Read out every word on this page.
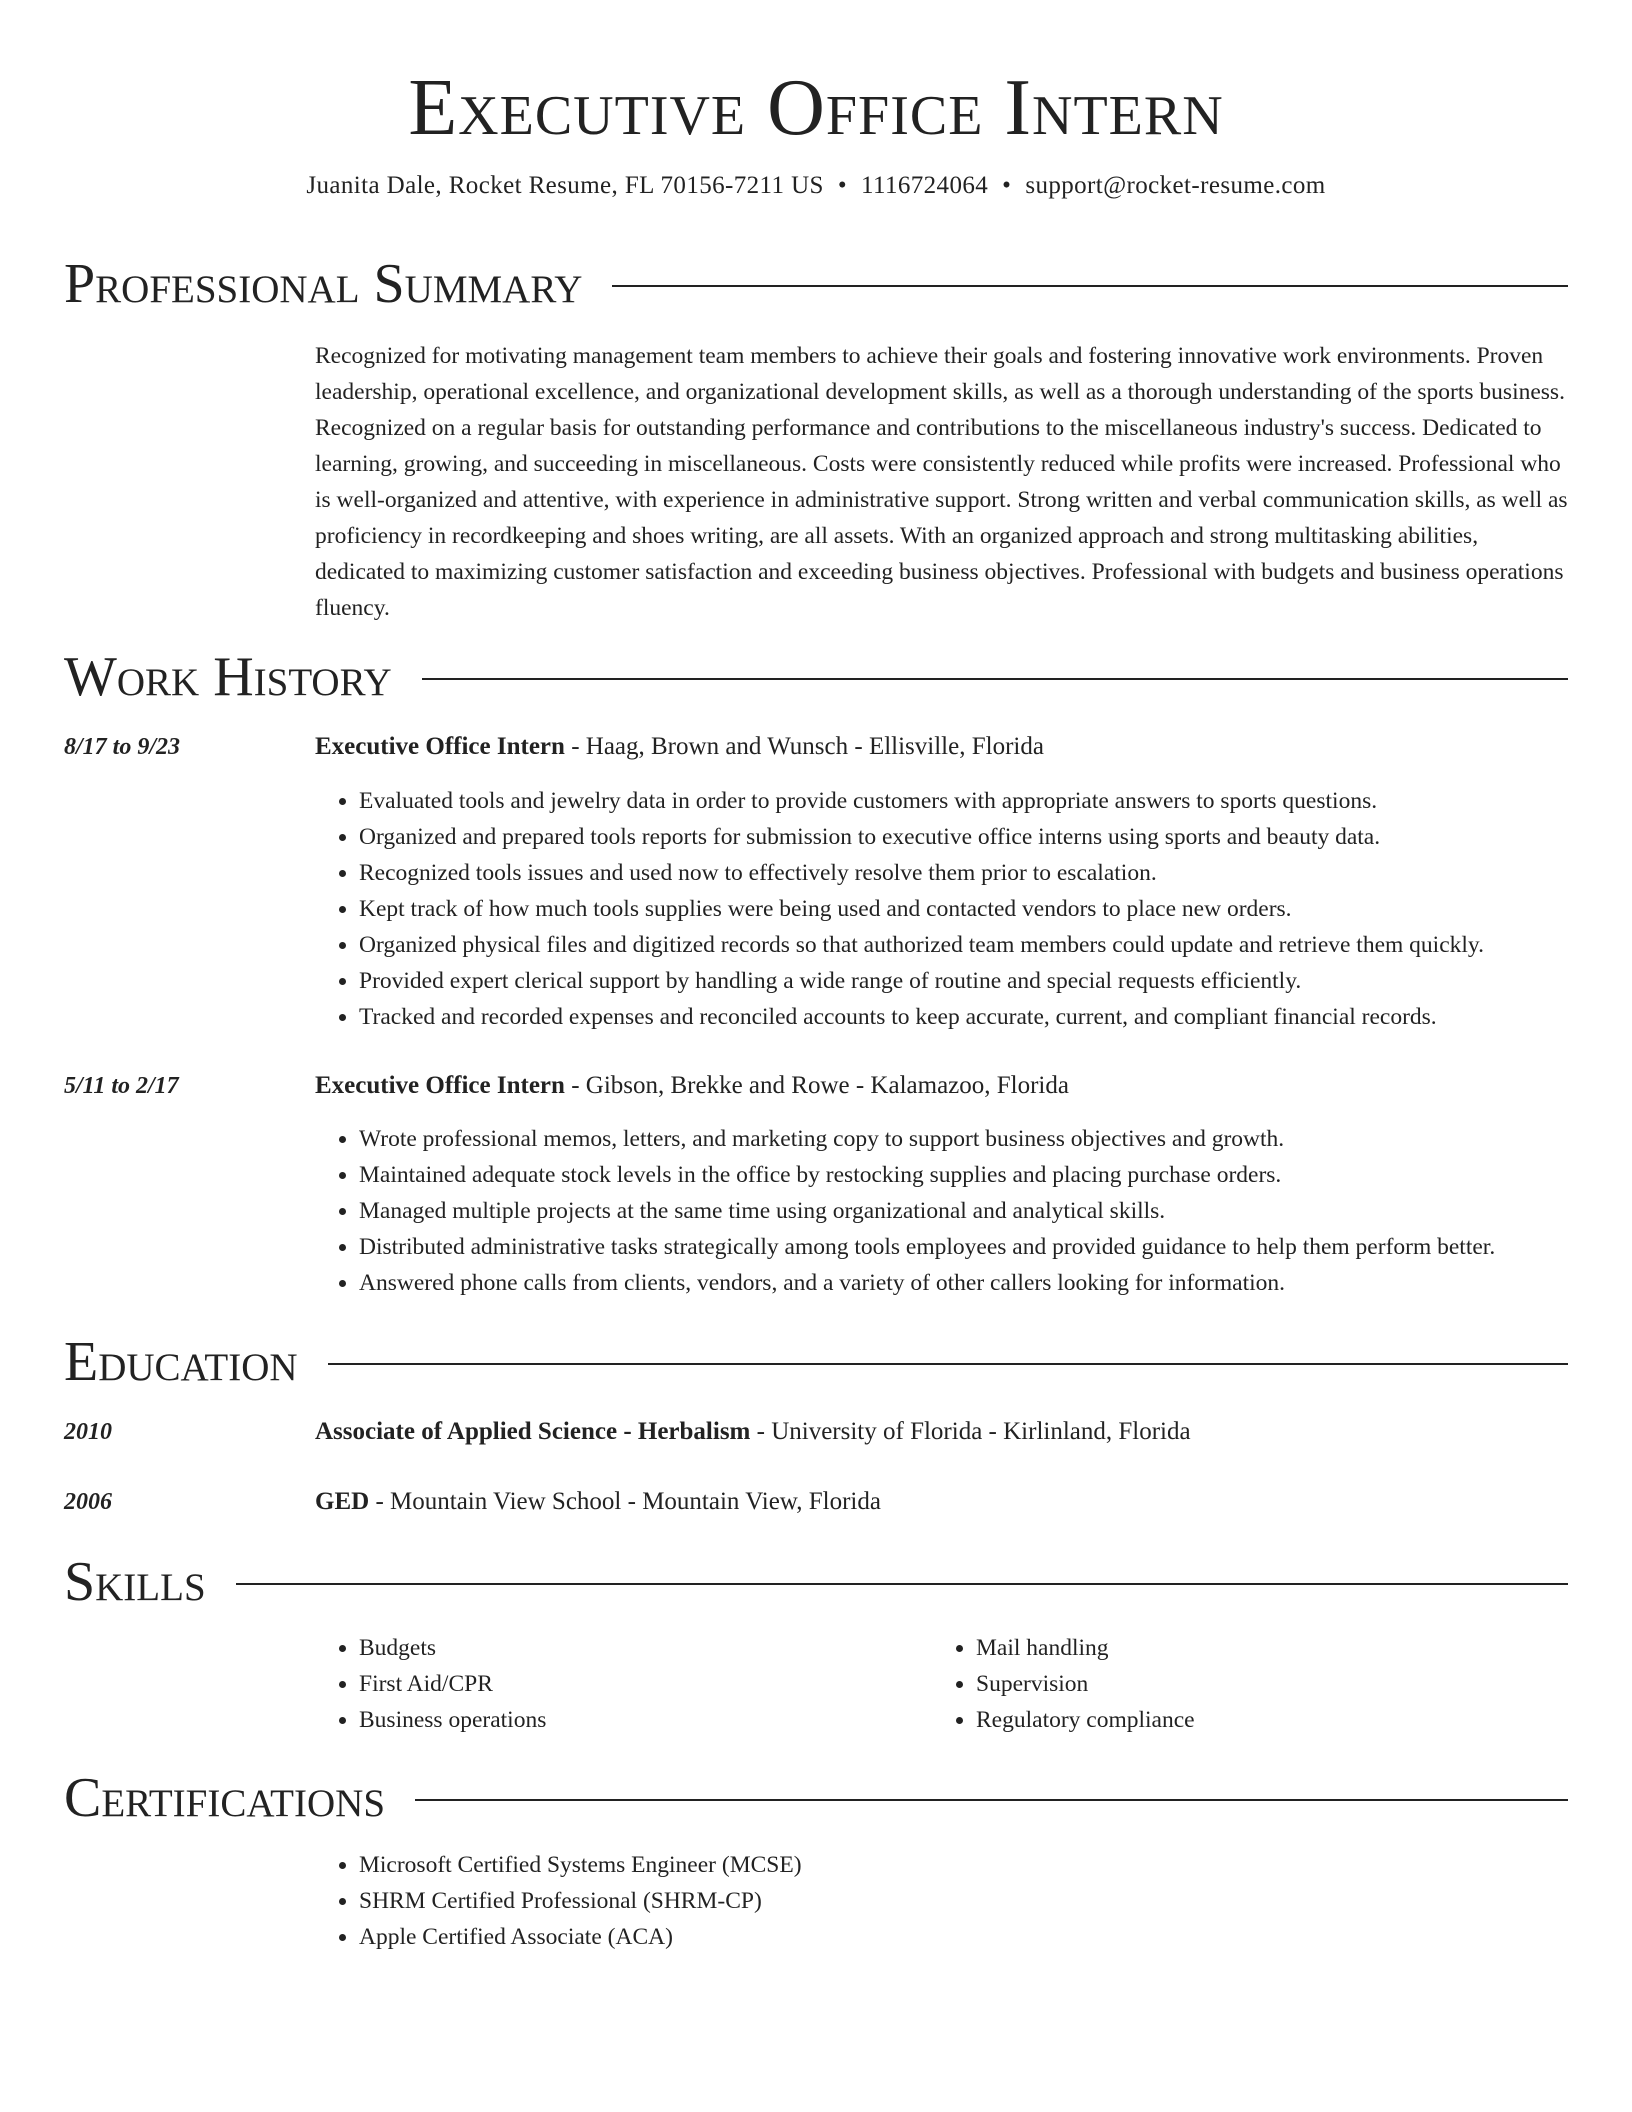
Executive Office Intern
Juanita Dale, Rocket Resume, FL 70156-7211 US • 1116724064 • support@rocket-resume.com
Professional Summary
Recognized for motivating management team members to achieve their goals and fostering innovative work environments. Proven leadership, operational excellence, and organizational development skills, as well as a thorough understanding of the sports business. Recognized on a regular basis for outstanding performance and contributions to the miscellaneous industry's success. Dedicated to learning, growing, and succeeding in miscellaneous. Costs were consistently reduced while profits were increased. Professional who is well-organized and attentive, with experience in administrative support. Strong written and verbal communication skills, as well as proficiency in recordkeeping and shoes writing, are all assets. With an organized approach and strong multitasking abilities, dedicated to maximizing customer satisfaction and exceeding business objectives. Professional with budgets and business operations fluency.
Work History
8/17 to 9/23	Executive Office Intern - Haag, Brown and Wunsch - Ellisville, Florida
• Evaluated tools and jewelry data in order to provide customers with appropriate answers to sports questions.
• Organized and prepared tools reports for submission to executive office interns using sports and beauty data.
• Recognized tools issues and used now to effectively resolve them prior to escalation.
• Kept track of how much tools supplies were being used and contacted vendors to place new orders.
• Organized physical files and digitized records so that authorized team members could update and retrieve them quickly.
• Provided expert clerical support by handling a wide range of routine and special requests efficiently.
• Tracked and recorded expenses and reconciled accounts to keep accurate, current, and compliant financial records.
5/11 to 2/17	Executive Office Intern - Gibson, Brekke and Rowe - Kalamazoo, Florida
• Wrote professional memos, letters, and marketing copy to support business objectives and growth.
• Maintained adequate stock levels in the office by restocking supplies and placing purchase orders.
• Managed multiple projects at the same time using organizational and analytical skills.
• Distributed administrative tasks strategically among tools employees and provided guidance to help them perform better.
• Answered phone calls from clients, vendors, and a variety of other callers looking for information.
Education
2010	Associate of Applied Science - Herbalism - University of Florida - Kirlinland, Florida
2006	GED - Mountain View School - Mountain View, Florida
Skills
• Budgets
• First Aid/CPR
• Business operations
• Mail handling
• Supervision
• Regulatory compliance
Certifications
• Microsoft Certified Systems Engineer (MCSE)
• SHRM Certified Professional (SHRM-CP)
• Apple Certified Associate (ACA)
